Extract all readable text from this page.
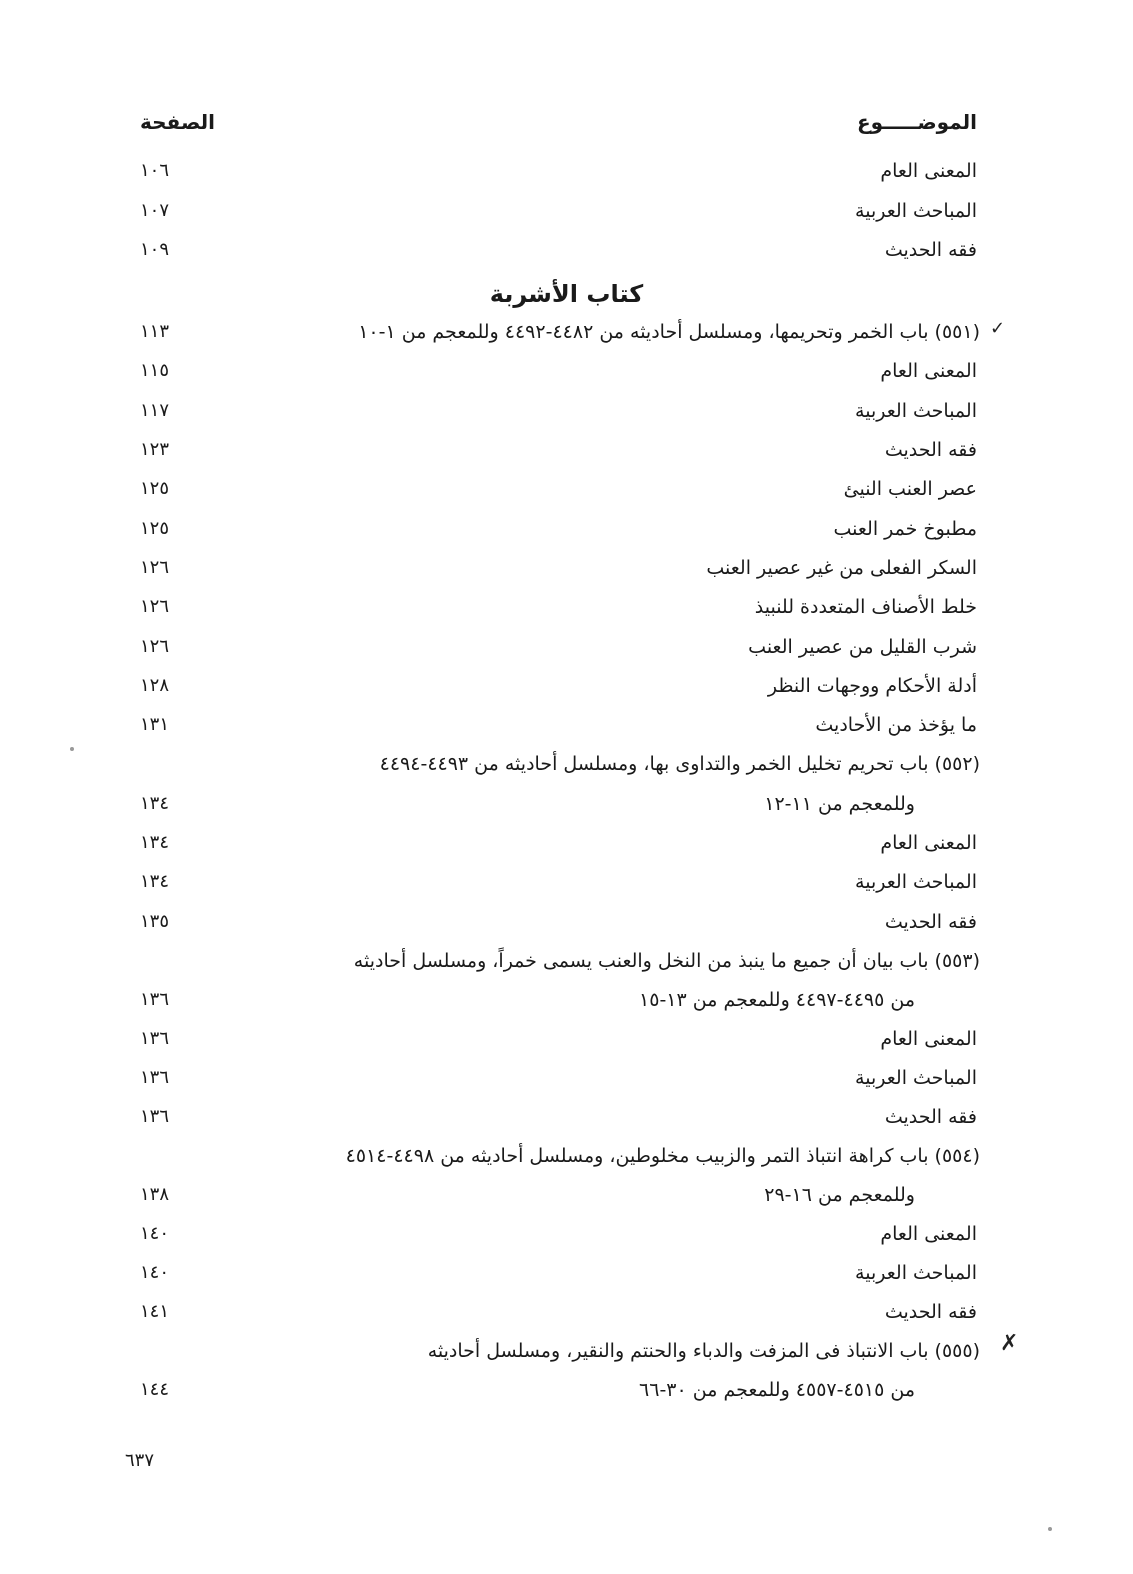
الموضـــــوع
الصفحة
المعنى العام
١٠٦
المباحث العربية
١٠٧
فقه الحديث
١٠٩
كتاب الأشربة
✓
(٥٥١) باب الخمر وتحريمها، ومسلسل أحاديثه من ٤٤٨٢-٤٤٩٢ وللمعجم من ١-١٠
١١٣
المعنى العام
١١٥
المباحث العربية
١١٧
فقه الحديث
١٢٣
عصر العنب النيئ
١٢٥
مطبوخ خمر العنب
١٢٥
السكر الفعلى من غير عصير العنب
١٢٦
خلط الأصناف المتعددة للنبيذ
١٢٦
شرب القليل من عصير العنب
١٢٦
أدلة الأحكام ووجهات النظر
١٢٨
ما يؤخذ من الأحاديث
١٣١
(٥٥٢) باب تحريم تخليل الخمر والتداوى بها، ومسلسل أحاديثه من ٤٤٩٣-٤٤٩٤
وللمعجم من ١١-١٢
١٣٤
المعنى العام
١٣٤
المباحث العربية
١٣٤
فقه الحديث
١٣٥
(٥٥٣) باب بيان أن جميع ما ينبذ من النخل والعنب يسمى خمراً، ومسلسل أحاديثه
من ٤٤٩٥-٤٤٩٧ وللمعجم من ١٣-١٥
١٣٦
المعنى العام
١٣٦
المباحث العربية
١٣٦
فقه الحديث
١٣٦
(٥٥٤) باب كراهة انتباذ التمر والزبيب مخلوطين، ومسلسل أحاديثه من ٤٤٩٨-٤٥١٤
وللمعجم من ١٦-٢٩
١٣٨
المعنى العام
١٤٠
المباحث العربية
١٤٠
فقه الحديث
١٤١
✗
(٥٥٥) باب الانتباذ فى المزفت والدباء والحنتم والنقير، ومسلسل أحاديثه
من ٤٥١٥-٤٥٥٧ وللمعجم من ٣٠-٦٦
١٤٤
٦٣٧
